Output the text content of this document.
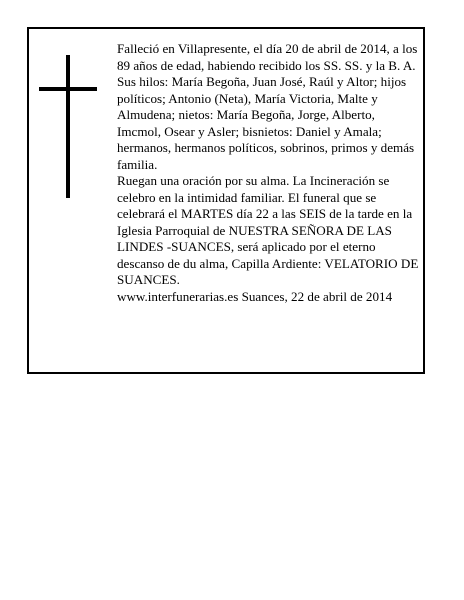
Falleció en Villapresente, el día 20 de abril de 2014, a los 89 años de edad, habiendo recibido los SS. SS. y la B. A.

Sus hilos: María Begoña, Juan José, Raúl y Altor; hijos políticos; Antonio (Neta), María Victoria, Malte y Almudena; nietos: María Begoña, Jorge, Alberto, Imcmol, Osear y Asler; bisnietos: Daniel y Amala; hermanos, hermanos políticos, sobrinos, primos y demás familia.

Ruegan una oración por su alma. La Incineración se celebro en la intimidad familiar. El funeral que se celebrará el MARTES día 22 a las SEIS de la tarde en la Iglesia Parroquial de NUESTRA SEÑORA DE LAS LINDES -SUANCES, será aplicado por el eterno descanso de du alma, Capilla Ardiente: VELATORIO DE SUANCES.

www.interfunerarias.es Suances, 22 de abril de 2014
